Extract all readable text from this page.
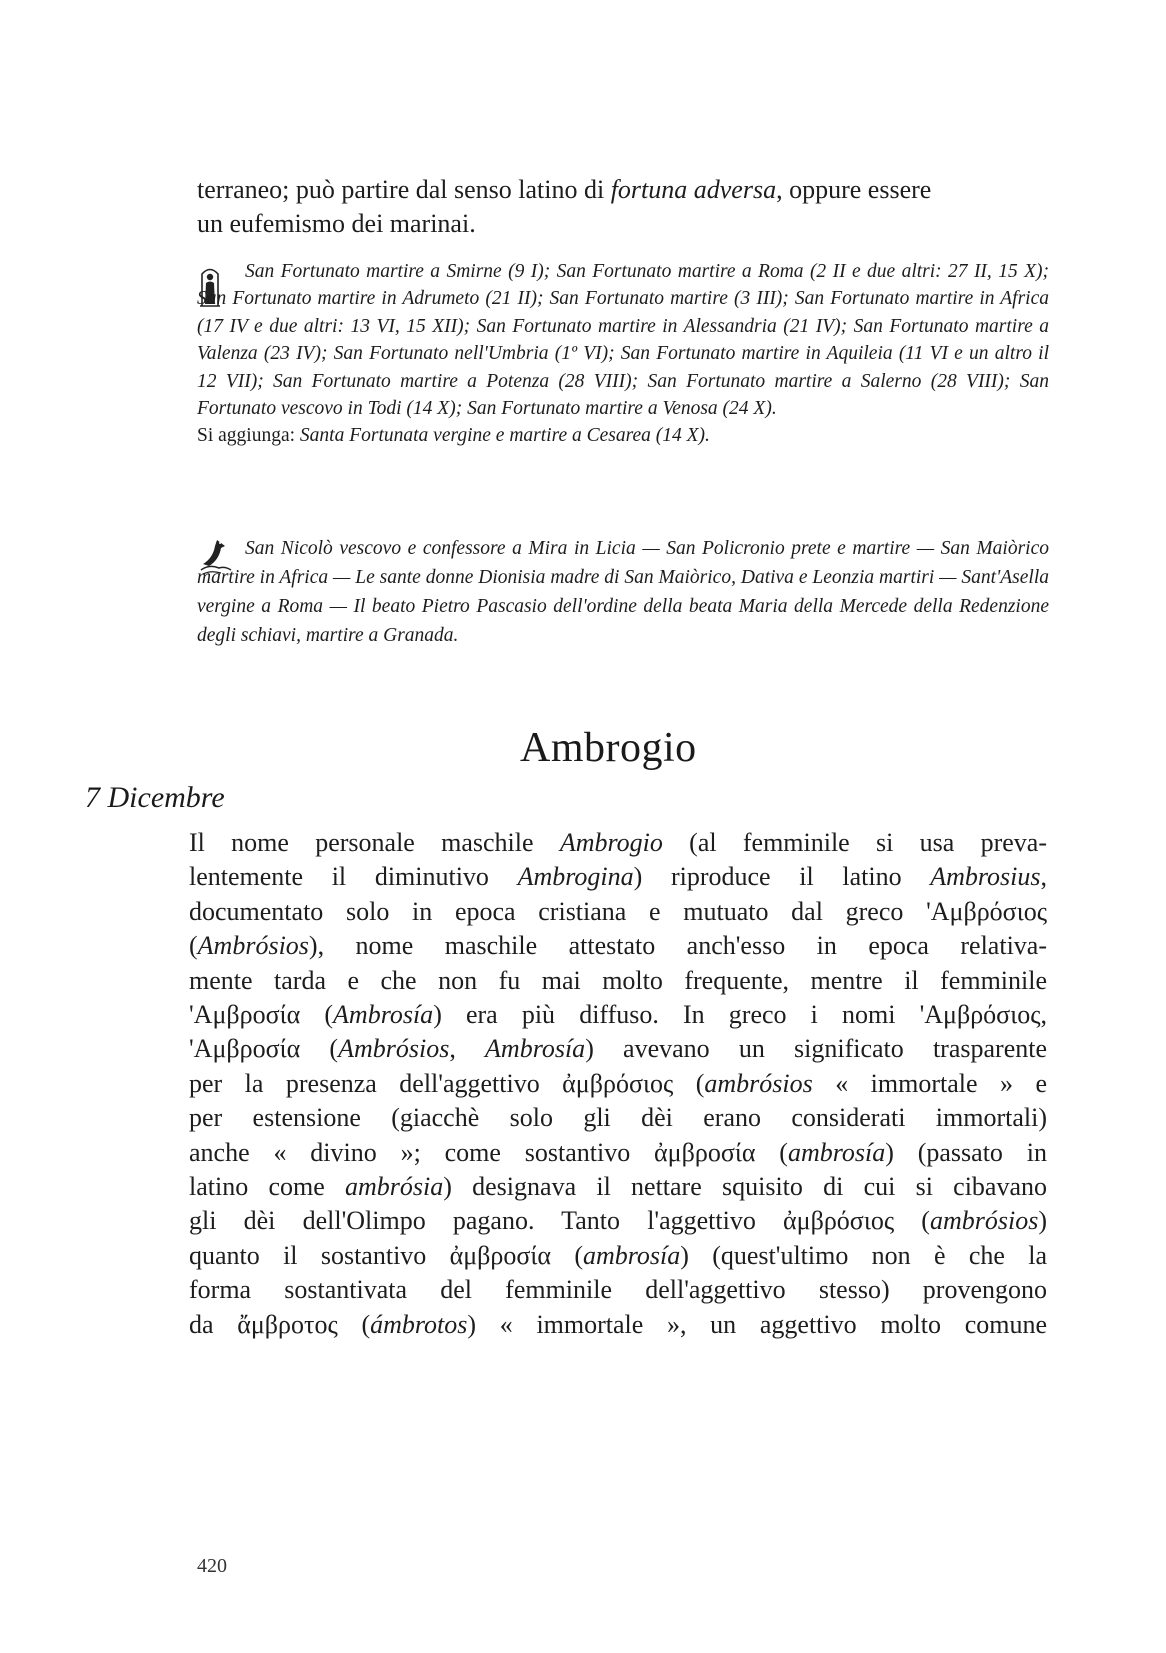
terraneo; può partire dal senso latino di fortuna adversa, oppure essere
un eufemismo dei marinai.
San Fortunato martire a Smirne (9 I); San Fortunato martire a Roma (2 II e due altri: 27 II, 15 X); San Fortunato martire in Adrumeto (21 II); San Fortunato martire (3 III); San Fortunato martire in Africa (17 IV e due altri: 13 VI, 15 XII); San Fortunato martire in Alessandria (21 IV); San Fortunato martire a Valenza (23 IV); San Fortunato nell'Umbria (1º VI); San Fortunato martire in Aquileia (11 VI e un altro il 12 VII); San Fortunato martire a Potenza (28 VIII); San Fortunato martire a Salerno (28 VIII); San Fortunato vescovo in Todi (14 X); San Fortunato martire a Venosa (24 X).
Si aggiunga: Santa Fortunata vergine e martire a Cesarea (14 X).
San Nicolò vescovo e confessore a Mira in Licia — San Policronio prete e martire — San Maiòrico martire in Africa — Le sante donne Dionisia madre di San Maiòrico, Dativa e Leonzia martiri — Sant'Asella vergine a Roma — Il beato Pietro Pascasio dell'ordine della beata Maria della Mercede della Redenzione degli schiavi, martire a Granada.
Ambrogio
7 Dicembre
Il nome personale maschile Ambrogio (al femminile si usa preva-
lentemente il diminutivo Ambrogina) riproduce il latino Ambrosius,
documentato solo in epoca cristiana e mutuato dal greco 'Αμβρόσιος
(Ambrósios), nome maschile attestato anch'esso in epoca relativa-
mente tarda e che non fu mai molto frequente, mentre il femminile
'Αμβροσία (Ambrosía) era più diffuso. In greco i nomi 'Αμβρόσιος,
'Αμβροσία (Ambrósios, Ambrosía) avevano un significato trasparente
per la presenza dell'aggettivo ἀμβρόσιος (ambrósios « immortale » e
per estensione (giacchè solo gli dèi erano considerati immortali)
anche « divino »; come sostantivo ἀμβροσία (ambrosía) (passato in
latino come ambrósia) designava il nettare squisito di cui si cibavano
gli dèi dell'Olimpo pagano. Tanto l'aggettivo ἀμβρόσιος (ambrósios)
quanto il sostantivo ἀμβροσία (ambrosía) (quest'ultimo non è che la
forma sostantivata del femminile dell'aggettivo stesso) provengono
da ἄμβροτος (ámbrotos) « immortale », un aggettivo molto comune
420
